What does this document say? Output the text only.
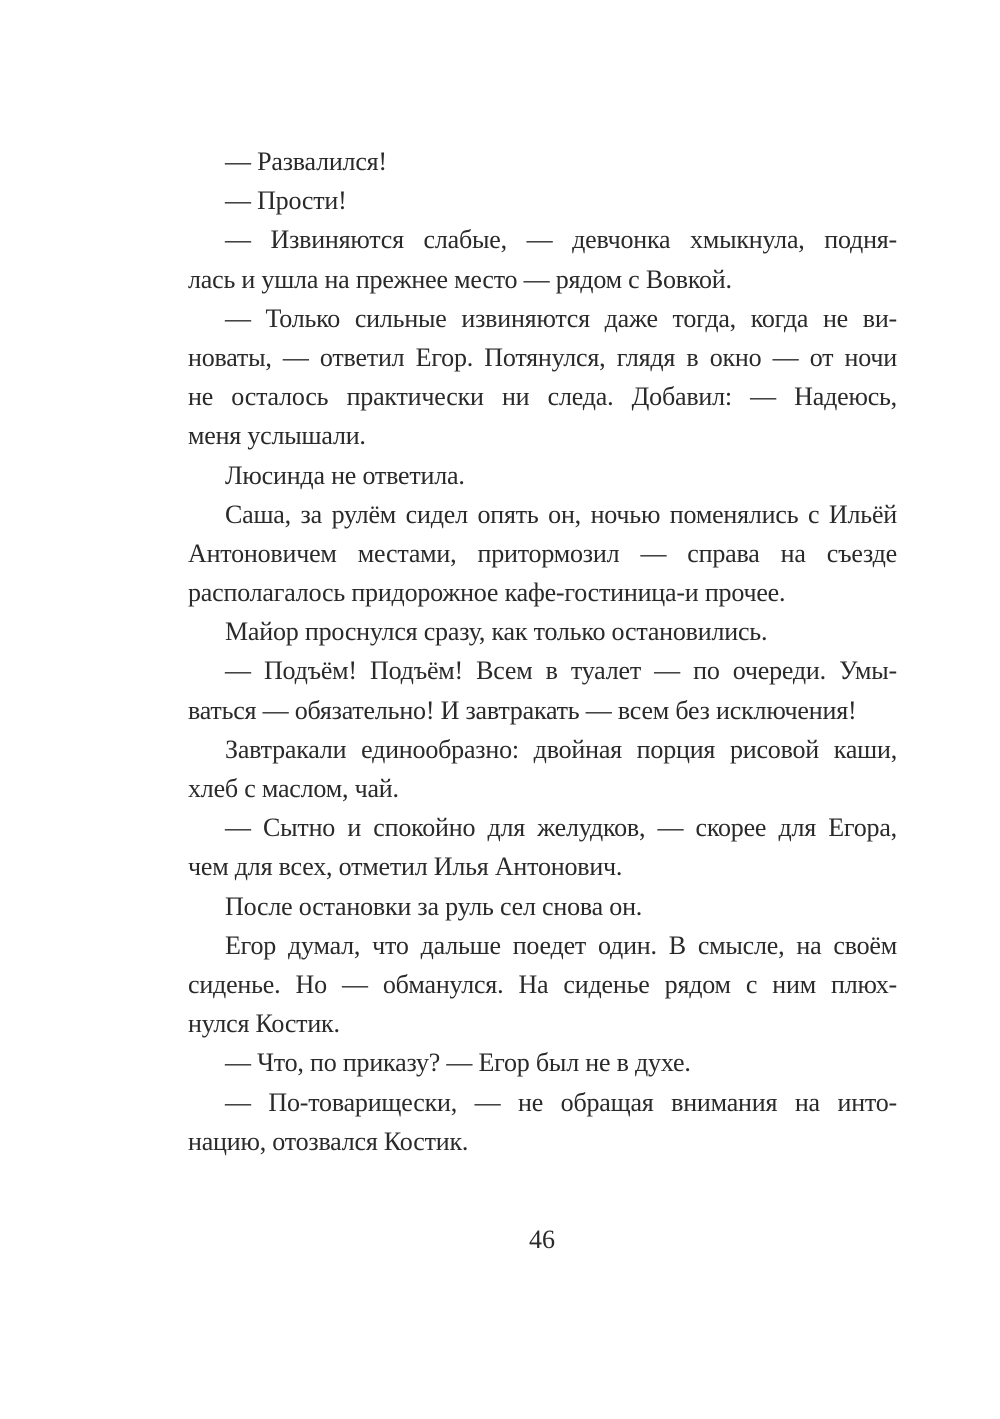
— Развалился!
— Прости!
— Извиняются слабые, — девчонка хмыкнула, подня-
лась и ушла на прежнее место — рядом с Вовкой.
— Только сильные извиняются даже тогда, когда не ви-
новаты, — ответил Егор. Потянулся, глядя в окно — от ночи
не осталось практически ни следа. Добавил: — Надеюсь,
меня услышали.
Люсинда не ответила.
Саша, за рулём сидел опять он, ночью поменялись с Ильёй
Антоновичем местами, притормозил — справа на съезде
располагалось придорожное кафе-гостиница-и прочее.
Майор проснулся сразу, как только остановились.
— Подъём! Подъём! Всем в туалет — по очереди. Умы-
ваться — обязательно! И завтракать — всем без исключения!
Завтракали единообразно: двойная порция рисовой каши,
хлеб с маслом, чай.
— Сытно и спокойно для желудков, — скорее для Егора,
чем для всех, отметил Илья Антонович.
После остановки за руль сел снова он.
Егор думал, что дальше поедет один. В смысле, на своём
сиденье. Но — обманулся. На сиденье рядом с ним плюх-
нулся Костик.
— Что, по приказу? — Егор был не в духе.
— По-товарищески, — не обращая внимания на инто-
нацию, отозвался Костик.
46
